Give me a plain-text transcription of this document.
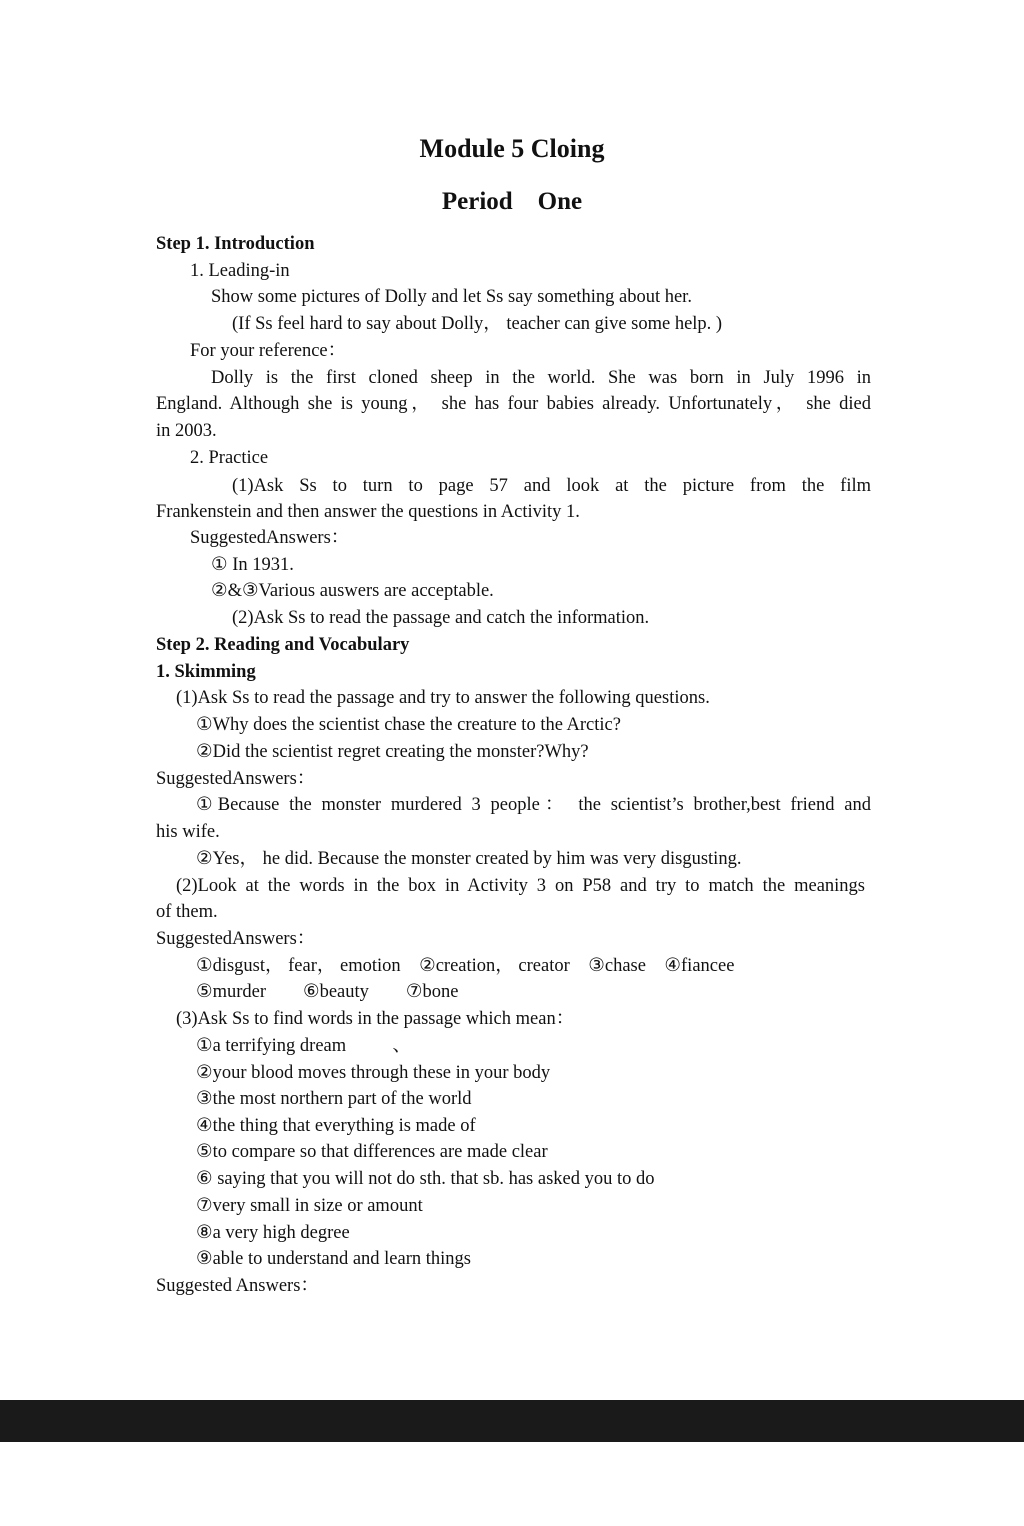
Module 5 Cloing
Period    One
Step 1. Introduction
1. Leading-in
Show some pictures of Dolly and let Ss say something about her.
(If Ss feel hard to say about Dolly， teacher can give some help. )
For your reference：
Dolly is the first cloned sheep in the world. She was born in July 1996 in
England. Although she is young， she has four babies already. Unfortunately， she died
in 2003.
2. Practice
(1)Ask Ss to turn to page 57 and look at the picture from the film
Frankenstein and then answer the questions in Activity 1.
SuggestedAnswers：
① In 1931.
②&③Various auswers are acceptable.
(2)Ask Ss to read the passage and catch the information.
Step 2. Reading and Vocabulary
1. Skimming
(1)Ask Ss to read the passage and try to answer the following questions.
①Why does the scientist chase the creature to the Arctic?
②Did the scientist regret creating the monster?Why?
SuggestedAnswers：
①Because the monster murdered 3 people： the scientist’s brother,best friend and
his wife.
②Yes， he did. Because the monster created by him was very disgusting.
(2)Look at the words in the box in Activity 3 on P58 and try to match the meanings
of them.
SuggestedAnswers：
①disgust， fear， emotion    ②creation， creator    ③chase    ④fiancee
⑤murder        ⑥beauty        ⑦bone
(3)Ask Ss to find words in the passage which mean：
①a terrifying dream          、
②your blood moves through these in your body
③the most northern part of the world
④the thing that everything is made of
⑤to compare so that differences are made clear
⑥ saying that you will not do sth. that sb. has asked you to do
⑦very small in size or amount
⑧a very high degree
⑨able to understand and learn things
Suggested Answers：

素材天下 sucaisucai.com
编号：14352508
